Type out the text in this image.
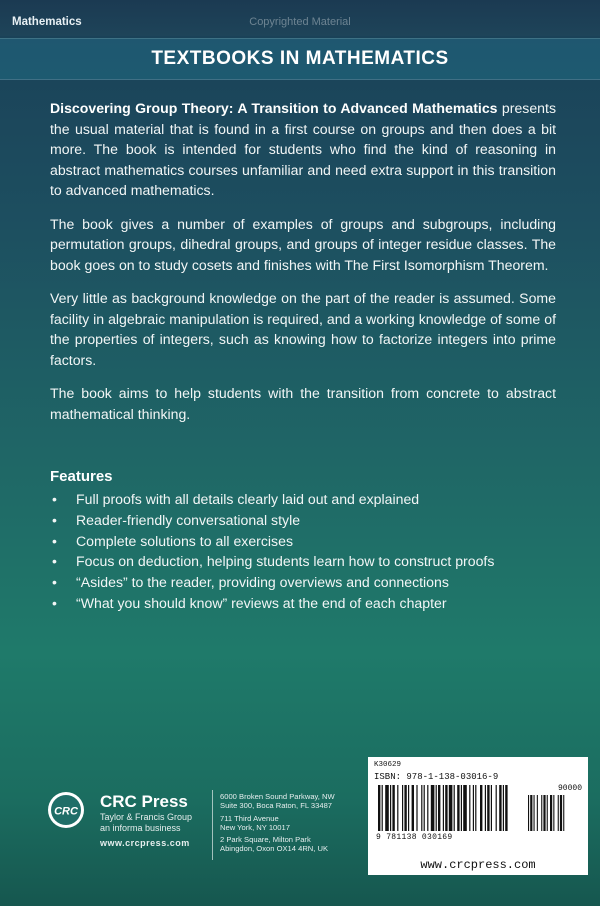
Mathematics	Copyrighted Material
TEXTBOOKS IN MATHEMATICS

Discovering Group Theory: A Transition to Advanced Mathematics presents the usual material that is found in a first course on groups and then does a bit more. The book is intended for students who find the kind of reasoning in abstract mathematics courses unfamiliar and need extra support in this transition to advanced mathematics.

The book gives a number of examples of groups and subgroups, including permutation groups, dihedral groups, and groups of integer residue classes. The book goes on to study cosets and finishes with The First Isomorphism Theorem.

Very little as background knowledge on the part of the reader is assumed. Some facility in algebraic manipulation is required, and a working knowledge of some of the properties of integers, such as knowing how to factorize integers into prime factors.

The book aims to help students with the transition from concrete to abstract mathematical thinking.

Features
• Full proofs with all details clearly laid out and explained
• Reader-friendly conversational style
• Complete solutions to all exercises
• Focus on deduction, helping students learn how to construct proofs
• “Asides” to the reader, providing overviews and connections
• “What you should know” reviews at the end of each chapter
CRC
CRC Press
Taylor & Francis Group
an informa business
www.crcpress.com
6000 Broken Sound Parkway, NW
Suite 300, Boca Raton, FL 33487
711 Third Avenue
New York, NY 10017
2 Park Square, Milton Park
Abingdon, Oxon OX14 4RN, UK
K30629
ISBN: 978-1-138-03016-9
90000
9 781138 030169
www.crcpress.com
